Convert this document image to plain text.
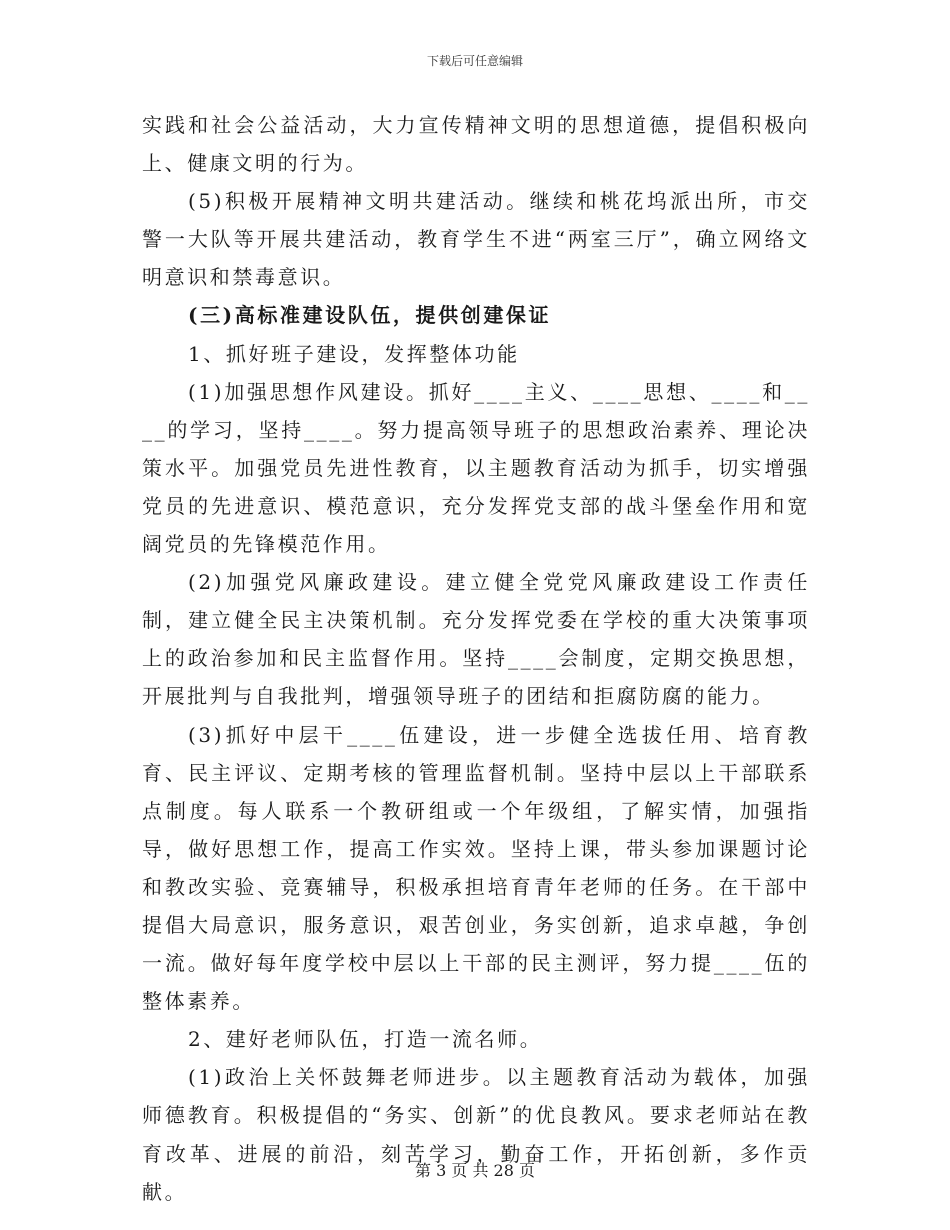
下载后可任意编辑

实践和社会公益活动，大力宣传精神文明的思想道德，提倡积极向上、健康文明的行为。

(5)积极开展精神文明共建活动。继续和桃花坞派出所，市交警一大队等开展共建活动，教育学生不进“两室三厅”，确立网络文明意识和禁毒意识。

(三)高标准建设队伍，提供创建保证

1、抓好班子建设，发挥整体功能

(1)加强思想作风建设。抓好____主义、____思想、____和____的学习，坚持____。努力提高领导班子的思想政治素养、理论决策水平。加强党员先进性教育，以主题教育活动为抓手，切实增强党员的先进意识、模范意识，充分发挥党支部的战斗堡垒作用和宽阔党员的先锋模范作用。

(2)加强党风廉政建设。建立健全党党风廉政建设工作责任制，建立健全民主决策机制。充分发挥党委在学校的重大决策事项上的政治参加和民主监督作用。坚持____会制度，定期交换思想，开展批判与自我批判，增强领导班子的团结和拒腐防腐的能力。

(3)抓好中层干____伍建设，进一步健全选拔任用、培育教育、民主评议、定期考核的管理监督机制。坚持中层以上干部联系点制度。每人联系一个教研组或一个年级组，了解实情，加强指导，做好思想工作，提高工作实效。坚持上课，带头参加课题讨论和教改实验、竞赛辅导，积极承担培育青年老师的任务。在干部中提倡大局意识，服务意识，艰苦创业，务实创新，追求卓越，争创一流。做好每年度学校中层以上干部的民主测评，努力提____伍的整体素养。

2、建好老师队伍，打造一流名师。

(1)政治上关怀鼓舞老师进步。以主题教育活动为载体，加强师德教育。积极提倡的“务实、创新”的优良教风。要求老师站在教育改革、进展的前沿，刻苦学习，勤奋工作，开拓创新，多作贡献。

第 3 页 共 28 页
